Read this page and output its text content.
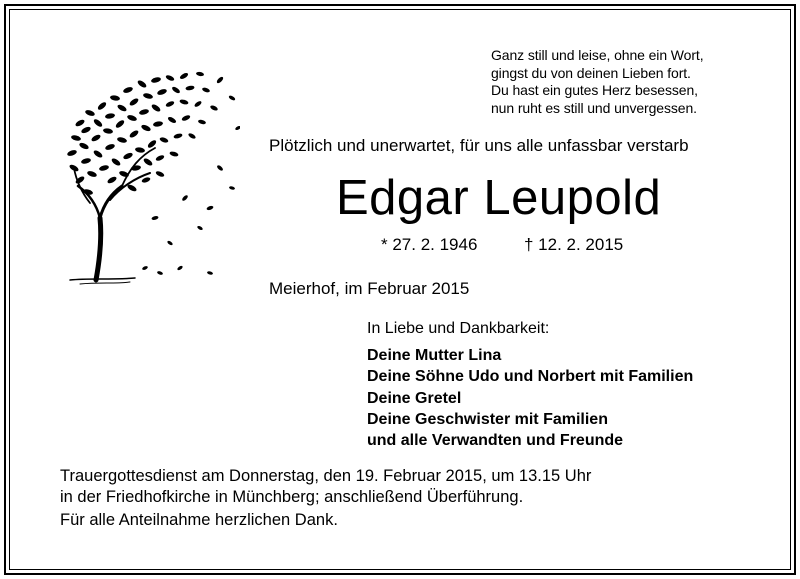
Ganz still und leise, ohne ein Wort,
gingst du von deinen Lieben fort.
Du hast ein gutes Herz besessen,
nun ruht es still und unvergessen.
Plötzlich und unerwartet, für uns alle unfassbar verstarb
Edgar Leupold
* 27. 2. 1946	† 12. 2. 2015
Meierhof, im Februar 2015
In Liebe und Dankbarkeit:
Deine Mutter Lina
Deine Söhne Udo und Norbert mit Familien
Deine Gretel
Deine Geschwister mit Familien
und alle Verwandten und Freunde
Trauergottesdienst am Donnerstag, den 19. Februar 2015, um 13.15 Uhr
in der Friedhofkirche in Münchberg; anschließend Überführung.
Für alle Anteilnahme herzlichen Dank.
